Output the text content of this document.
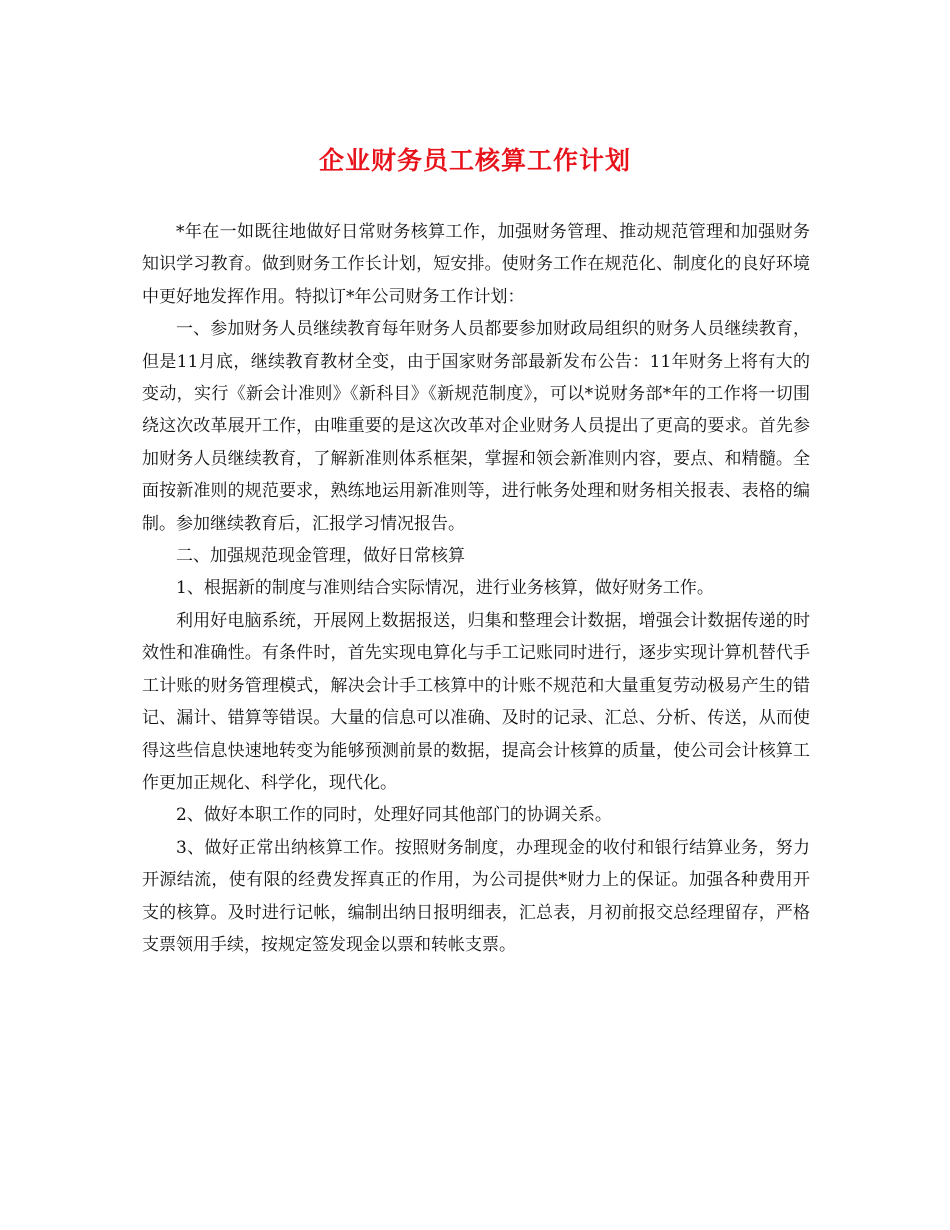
企业财务员工核算工作计划

*年在一如既往地做好日常财务核算工作，加强财务管理、推动规范管理和加强财务知识学习教育。做到财务工作长计划，短安排。使财务工作在规范化、制度化的良好环境中更好地发挥作用。特拟订*年公司财务工作计划：

一、参加财务人员继续教育每年财务人员都要参加财政局组织的财务人员继续教育，但是11月底，继续教育教材全变，由于国家财务部最新发布公告：11年财务上将有大的变动，实行《新会计准则》《新科目》《新规范制度》，可以*说财务部*年的工作将一切围绕这次改革展开工作，由唯重要的是这次改革对企业财务人员提出了更高的要求。首先参加财务人员继续教育，了解新准则体系框架，掌握和领会新准则内容，要点、和精髓。全面按新准则的规范要求，熟练地运用新准则等，进行帐务处理和财务相关报表、表格的编制。参加继续教育后，汇报学习情况报告。

二、加强规范现金管理，做好日常核算

1、根据新的制度与准则结合实际情况，进行业务核算，做好财务工作。

利用好电脑系统，开展网上数据报送，归集和整理会计数据，增强会计数据传递的时效性和准确性。有条件时，首先实现电算化与手工记账同时进行，逐步实现计算机替代手工计账的财务管理模式，解决会计手工核算中的计账不规范和大量重复劳动极易产生的错记、漏计、错算等错误。大量的信息可以准确、及时的记录、汇总、分析、传送，从而使得这些信息快速地转变为能够预测前景的数据，提高会计核算的质量，使公司会计核算工作更加正规化、科学化，现代化。

2、做好本职工作的同时，处理好同其他部门的协调关系。

3、做好正常出纳核算工作。按照财务制度，办理现金的收付和银行结算业务，努力开源结流，使有限的经费发挥真正的作用，为公司提供*财力上的保证。加强各种费用开支的核算。及时进行记帐，编制出纳日报明细表，汇总表，月初前报交总经理留存，严格支票领用手续，按规定签发现金以票和转帐支票。
